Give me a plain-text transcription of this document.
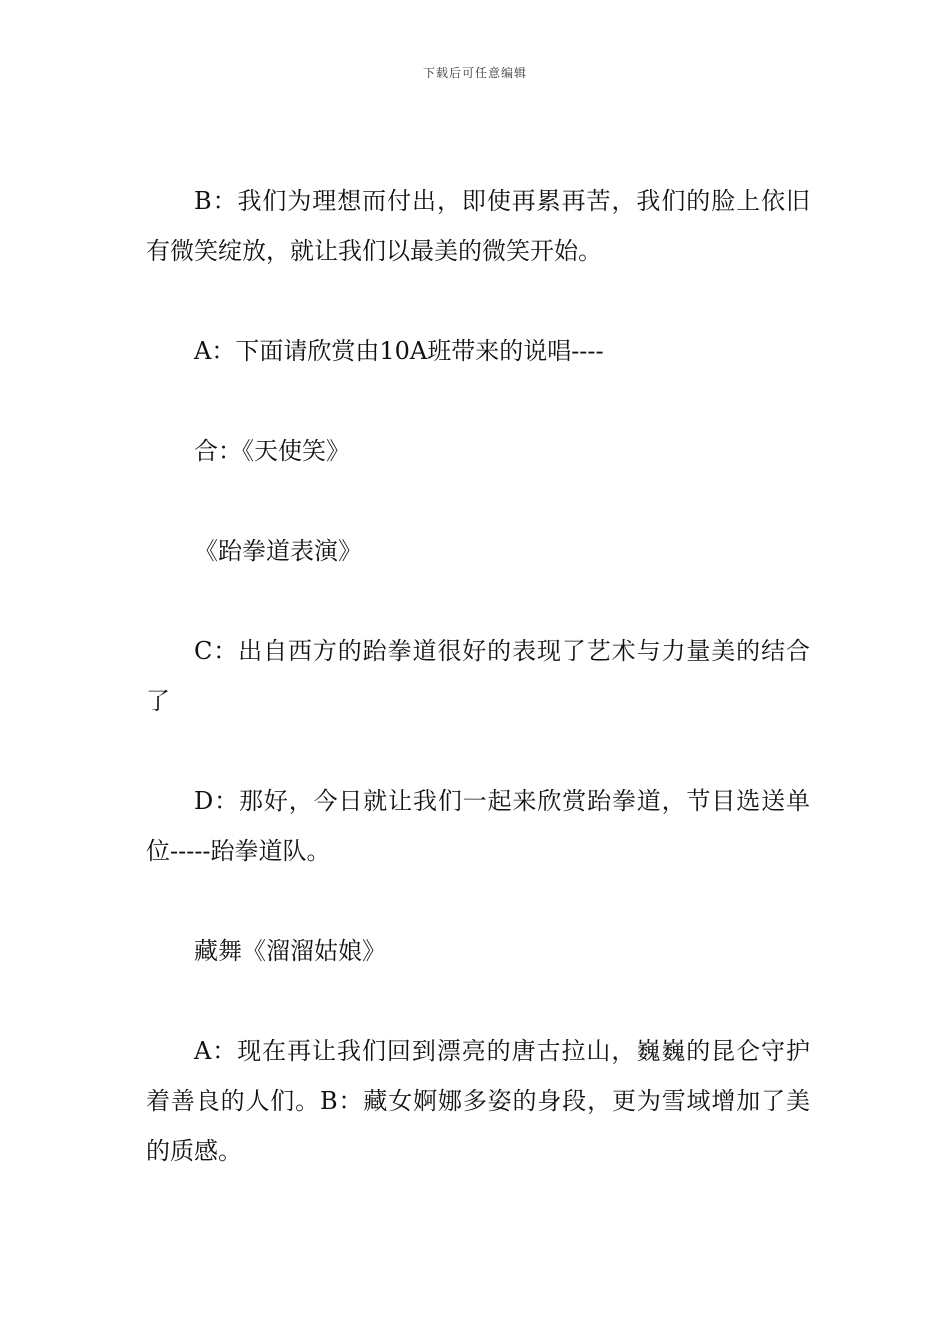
下载后可任意编辑

B：我们为理想而付出，即使再累再苦，我们的脸上依旧有微笑绽放，就让我们以最美的微笑开始。

A：下面请欣赏由10A班带来的说唱----

合：《天使笑》

《跆拳道表演》

C：出自西方的跆拳道很好的表现了艺术与力量美的结合了

D：那好，今日就让我们一起来欣赏跆拳道，节目选送单位-----跆拳道队。

藏舞《溜溜姑娘》

A：现在再让我们回到漂亮的唐古拉山，巍巍的昆仑守护着善良的人们。B：藏女婀娜多姿的身段，更为雪域增加了美的质感。
